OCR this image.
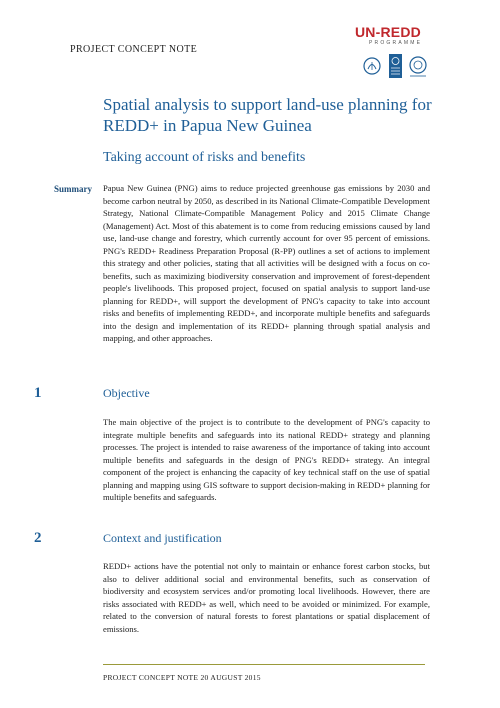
PROJECT CONCEPT NOTE
UN-REDD
PROGRAMME
Spatial analysis to support land-use planning for REDD+ in Papua New Guinea
Taking account of risks and benefits
Summary Papua New Guinea (PNG) aims to reduce projected greenhouse gas emissions by 2030 and become carbon neutral by 2050, as described in its National Climate-Compatible Development Strategy, National Climate-Compatible Management Policy and 2015 Climate Change (Management) Act. Most of this abatement is to come from reducing emissions caused by land use, land-use change and forestry, which currently account for over 95 percent of emissions. PNG's REDD+ Readiness Preparation Proposal (R-PP) outlines a set of actions to implement this strategy and other policies, stating that all activities will be designed with a focus on co-benefits, such as maximizing biodiversity conservation and improvement of forest-dependent people's livelihoods. This proposed project, focused on spatial analysis to support land-use planning for REDD+, will support the development of PNG's capacity to take into account risks and benefits of implementing REDD+, and incorporate multiple benefits and safeguards into the design and implementation of its REDD+ planning through spatial analysis and mapping, and other approaches.

1	Objective

The main objective of the project is to contribute to the development of PNG's capacity to integrate multiple benefits and safeguards into its national REDD+ strategy and planning processes. The project is intended to raise awareness of the importance of taking into account multiple benefits and safeguards in the design of PNG's REDD+ strategy. An integral component of the project is enhancing the capacity of key technical staff on the use of spatial planning and mapping using GIS software to support decision-making in REDD+ planning for multiple benefits and safeguards.

2	Context and justification

REDD+ actions have the potential not only to maintain or enhance forest carbon stocks, but also to deliver additional social and environmental benefits, such as conservation of biodiversity and ecosystem services and/or promoting local livelihoods. However, there are risks associated with REDD+ as well, which need to be avoided or minimized. For example, related to the conversion of natural forests to forest plantations or spatial displacement of emissions.

PROJECT CONCEPT NOTE 20 AUGUST 2015
